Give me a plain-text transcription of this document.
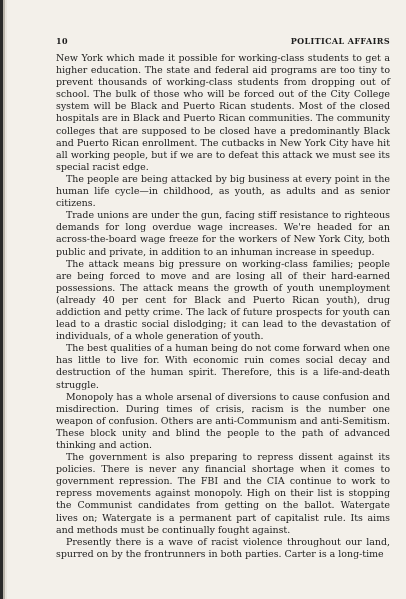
10	POLITICAL AFFAIRS

New York which made it possible for working-class students to get a higher education. The state and federal aid programs are too tiny to prevent thousands of working-class students from dropping out of school. The bulk of those who will be forced out of the City College system will be Black and Puerto Rican students. Most of the closed hospitals are in Black and Puerto Rican communities. The community colleges that are supposed to be closed have a predominantly Black and Puerto Rican enrollment. The cutbacks in New York City have hit all working people, but if we are to defeat this attack we must see its special racist edge.

The people are being attacked by big business at every point in the human life cycle—in childhood, as youth, as adults and as senior citizens.

Trade unions are under the gun, facing stiff resistance to righteous demands for long overdue wage increases. We're headed for an across-the-board wage freeze for the workers of New York City, both public and private, in addition to an inhuman increase in speedup.

The attack means big pressure on working-class families; people are being forced to move and are losing all of their hard-earned possessions. The attack means the growth of youth unemployment (already 40 per cent for Black and Puerto Rican youth), drug addiction and petty crime. The lack of future prospects for youth can lead to a drastic social dislodging; it can lead to the devastation of individuals, of a whole generation of youth.

The best qualities of a human being do not come forward when one has little to live for. With economic ruin comes social decay and destruction of the human spirit. Therefore, this is a life-and-death struggle.

Monopoly has a whole arsenal of diversions to cause confusion and misdirection. During times of crisis, racism is the number one weapon of confusion. Others are anti-Communism and anti-Semitism. These block unity and blind the people to the path of advanced thinking and action.

The government is also preparing to repress dissent against its policies. There is never any financial shortage when it comes to government repression. The FBI and the CIA continue to work to repress movements against monopoly. High on their list is stopping the Communist candidates from getting on the ballot. Watergate lives on; Watergate is a permanent part of capitalist rule. Its aims and methods must be continually fought against.

Presently there is a wave of racist violence throughout our land, spurred on by the frontrunners in both parties. Carter is a long-time
